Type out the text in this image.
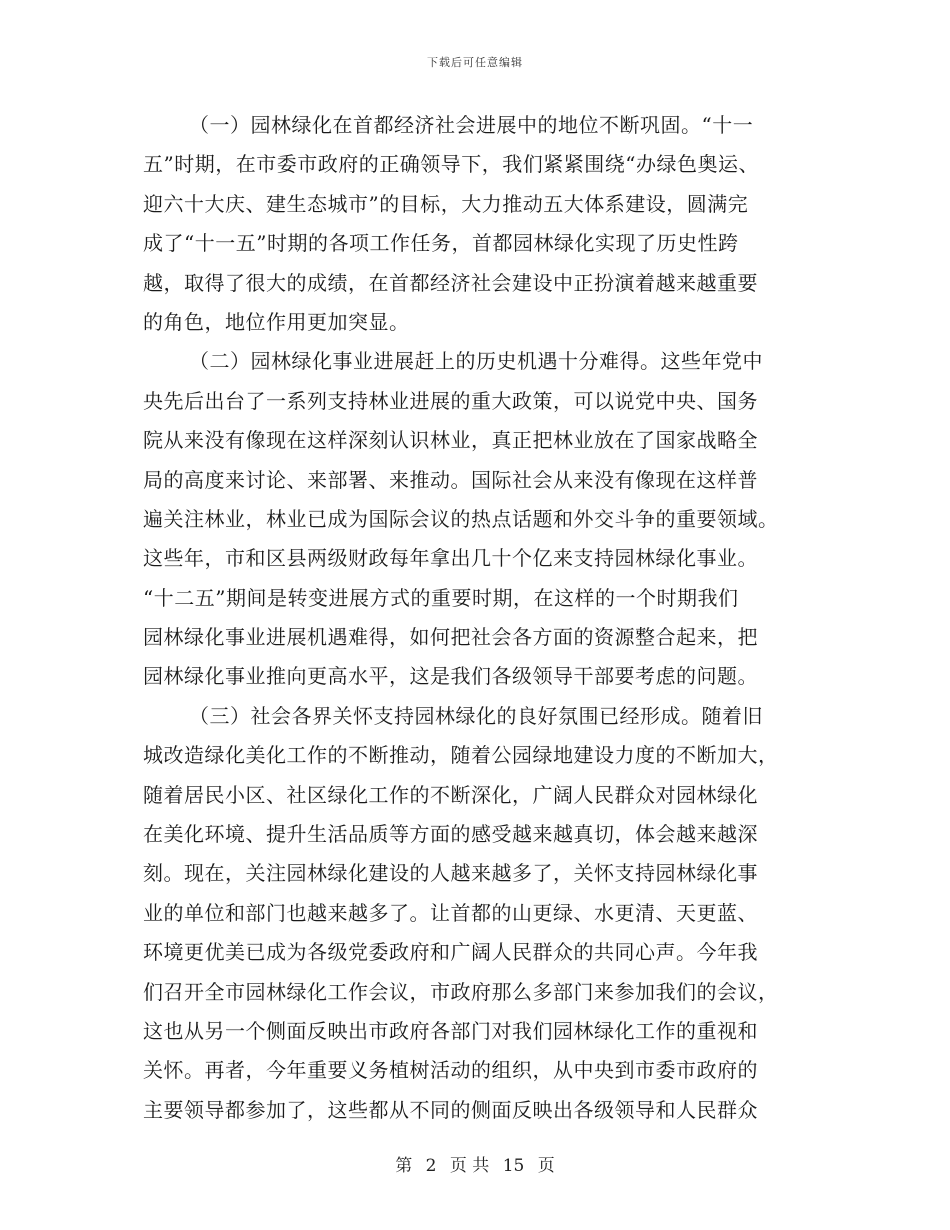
下载后可任意编辑
（一）园林绿化在首都经济社会进展中的地位不断巩固。“十一
五”时期，在市委市政府的正确领导下，我们紧紧围绕“办绿色奥运、
迎六十大庆、建生态城市”的目标，大力推动五大体系建设，圆满完
成了“十一五”时期的各项工作任务，首都园林绿化实现了历史性跨
越，取得了很大的成绩，在首都经济社会建设中正扮演着越来越重要
的角色，地位作用更加突显。
（二）园林绿化事业进展赶上的历史机遇十分难得。这些年党中
央先后出台了一系列支持林业进展的重大政策，可以说党中央、国务
院从来没有像现在这样深刻认识林业，真正把林业放在了国家战略全
局的高度来讨论、来部署、来推动。国际社会从来没有像现在这样普
遍关注林业，林业已成为国际会议的热点话题和外交斗争的重要领域。
这些年，市和区县两级财政每年拿出几十个亿来支持园林绿化事业。
“十二五”期间是转变进展方式的重要时期，在这样的一个时期我们
园林绿化事业进展机遇难得，如何把社会各方面的资源整合起来，把
园林绿化事业推向更高水平，这是我们各级领导干部要考虑的问题。
（三）社会各界关怀支持园林绿化的良好氛围已经形成。随着旧
城改造绿化美化工作的不断推动，随着公园绿地建设力度的不断加大，
随着居民小区、社区绿化工作的不断深化，广阔人民群众对园林绿化
在美化环境、提升生活品质等方面的感受越来越真切，体会越来越深
刻。现在，关注园林绿化建设的人越来越多了，关怀支持园林绿化事
业的单位和部门也越来越多了。让首都的山更绿、水更清、天更蓝、
环境更优美已成为各级党委政府和广阔人民群众的共同心声。今年我
们召开全市园林绿化工作会议，市政府那么多部门来参加我们的会议，
这也从另一个侧面反映出市政府各部门对我们园林绿化工作的重视和
关怀。再者，今年重要义务植树活动的组织，从中央到市委市政府的
主要领导都参加了，这些都从不同的侧面反映出各级领导和人民群众
第 2 页 共 15 页
